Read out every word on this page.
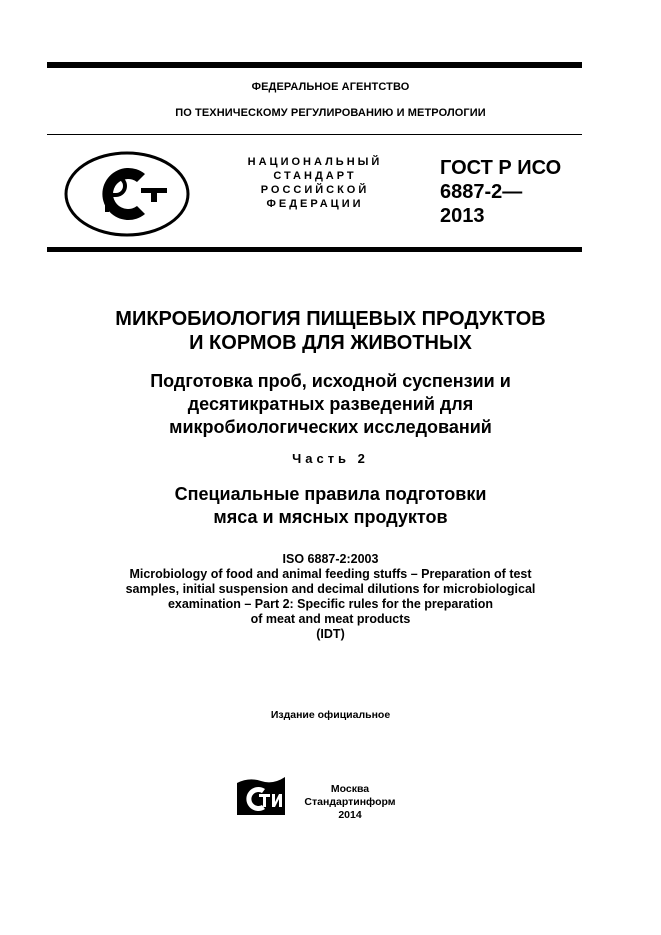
ФЕДЕРАЛЬНОЕ АГЕНТСТВО
ПО ТЕХНИЧЕСКОМУ РЕГУЛИРОВАНИЮ И МЕТРОЛОГИИ
НАЦИОНАЛЬНЫЙ
СТАНДАРТ
РОССИЙСКОЙ
ФЕДЕРАЦИИ
ГОСТ Р ИСО
6887-2—
2013
МИКРОБИОЛОГИЯ ПИЩЕВЫХ ПРОДУКТОВ
И КОРМОВ ДЛЯ ЖИВОТНЫХ
Подготовка проб, исходной суспензии и
десятикратных разведений для
микробиологических исследований
Часть 2
Специальные правила подготовки
мяса и мясных продуктов
ISO 6887-2:2003
Microbiology of food and animal feeding stuffs – Preparation of test
samples, initial suspension and decimal dilutions for microbiological
examination – Part 2: Specific rules for the preparation
of meat and meat products
(IDT)
Издание официальное
Москва
Стандартинформ
2014
